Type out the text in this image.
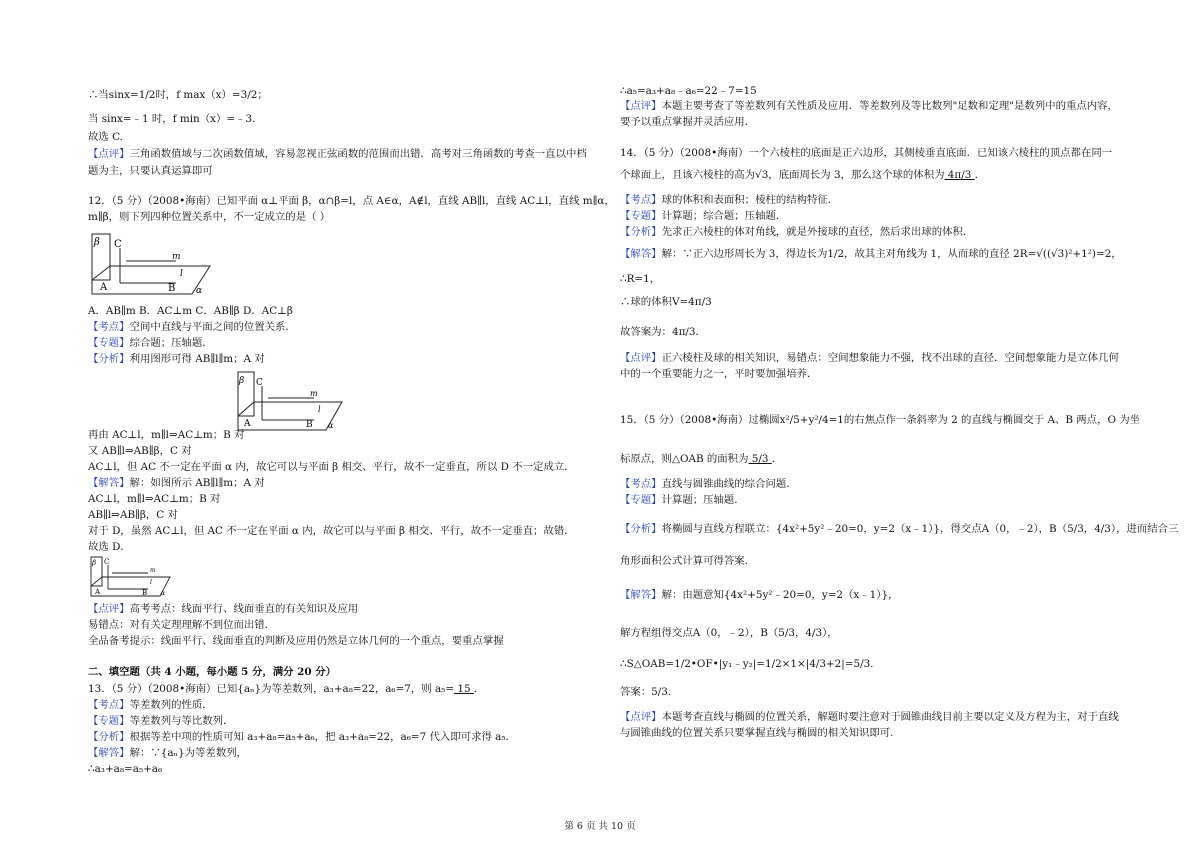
∴当sinx=1/2时，f max（x）=3/2；
当 sinx=﹣1 时，f min（x）=﹣3.
故选 C.
【点评】三角函数值域与二次函数值域，容易忽视正弦函数的范围而出错．高考对三角函数的考查一直以中档
题为主，只要认真运算即可
12．（5 分）（2008•海南）已知平面 α⊥平面 β，α∩β=l，点 A∈α，A∉l，直线 AB∥l，直线 AC⊥l，直线 m∥α，
m∥β，则下列四种位置关系中，不一定成立的是（ ）
β C
m
l
A	B α
A．AB∥m B．AC⊥m C．AB∥β D．AC⊥β
【考点】空间中直线与平面之间的位置关系．
【专题】综合题；压轴题．
【分析】利用图形可得 AB∥l∥m；A 对
β C
m
l
A	B α
再由 AC⊥l，m∥l⇒AC⊥m；B 对
又 AB∥l⇒AB∥β，C 对
AC⊥l，但 AC 不一定在平面 α 内，故它可以与平面 β 相交、平行，故不一定垂直，所以 D 不一定成立．
【解答】解：如图所示 AB∥l∥m；A 对
AC⊥l，m∥l⇒AC⊥m；B 对
AB∥l⇒AB∥β，C 对
对于 D，虽然 AC⊥l，但 AC 不一定在平面 α 内，故它可以与平面 β 相交、平行，故不一定垂直；故错．
故选 D．
β C
m
l
A	B α
【点评】高考考点：线面平行、线面垂直的有关知识及应用
易错点：对有关定理理解不到位而出错．
全品备考提示：线面平行、线面垂直的判断及应用仍然是立体几何的一个重点，要重点掌握
二、填空题（共 4 小题，每小题 5 分，满分 20 分）
13．（5 分）（2008•海南）已知{aₙ}为等差数列，a₃+a₈=22，a₆=7，则 a₅= 15 ．
【考点】等差数列的性质．
【专题】等差数列与等比数列．
【分析】根据等差中项的性质可知 a₃+a₈=a₅+a₆，把 a₃+a₈=22，a₆=7 代入即可求得 a₅．
【解答】解：∵{aₙ}为等差数列，
∴a₃+a₈=a₅+a₆
∴a₅=a₃+a₈﹣a₆=22﹣7=15
【点评】本题主要考查了等差数列有关性质及应用．等差数列及等比数列"足数和定理"是数列中的重点内容，
要予以重点掌握并灵活应用．
14．（5 分）（2008•海南）一个六棱柱的底面是正六边形，其侧棱垂直底面．已知该六棱柱的顶点都在同一
个球面上，且该六棱柱的高为√3，底面周长为 3，那么这个球的体积为 4π/3 ．
【考点】球的体积和表面积；棱柱的结构特征．
【专题】计算题；综合题；压轴题．
【分析】先求正六棱柱的体对角线，就是外接球的直径，然后求出球的体积．
【解答】解：∵正六边形周长为 3，得边长为1/2，故其主对角线为 1，从而球的直径 2R=√((√3)²+1²)=2，
∴R=1，
∴球的体积V=4π/3
故答案为：4π/3．
【点评】正六棱柱及球的相关知识，易错点：空间想象能力不强，找不出球的直径．空间想象能力是立体几何
中的一个重要能力之一，平时要加强培养．
15．（5 分）（2008•海南）过椭圆x²/5+y²/4=1的右焦点作一条斜率为 2 的直线与椭圆交于 A、B 两点，O 为坐
标原点，则△OAB 的面积为 5/3 ．
【考点】直线与圆锥曲线的综合问题．
【专题】计算题；压轴题．
【分析】将椭圆与直线方程联立：{4x²+5y²﹣20=0，y=2（x﹣1）}，得交点A（0，﹣2），B（5/3，4/3），进而结合三
角形面积公式计算可得答案.
【解答】解：由题意知{4x²+5y²﹣20=0，y=2（x﹣1）}，
解方程组得交点A（0，﹣2），B（5/3，4/3），
∴S△OAB=1/2•OF•|y₁﹣y₂|=1/2×1×|4/3+2|=5/3.
答案：5/3.
【点评】本题考查直线与椭圆的位置关系，解题时要注意对于圆锥曲线目前主要以定义及方程为主，对于直线
与圆锥曲线的位置关系只要掌握直线与椭圆的相关知识即可.
第 6 页 共 10 页
